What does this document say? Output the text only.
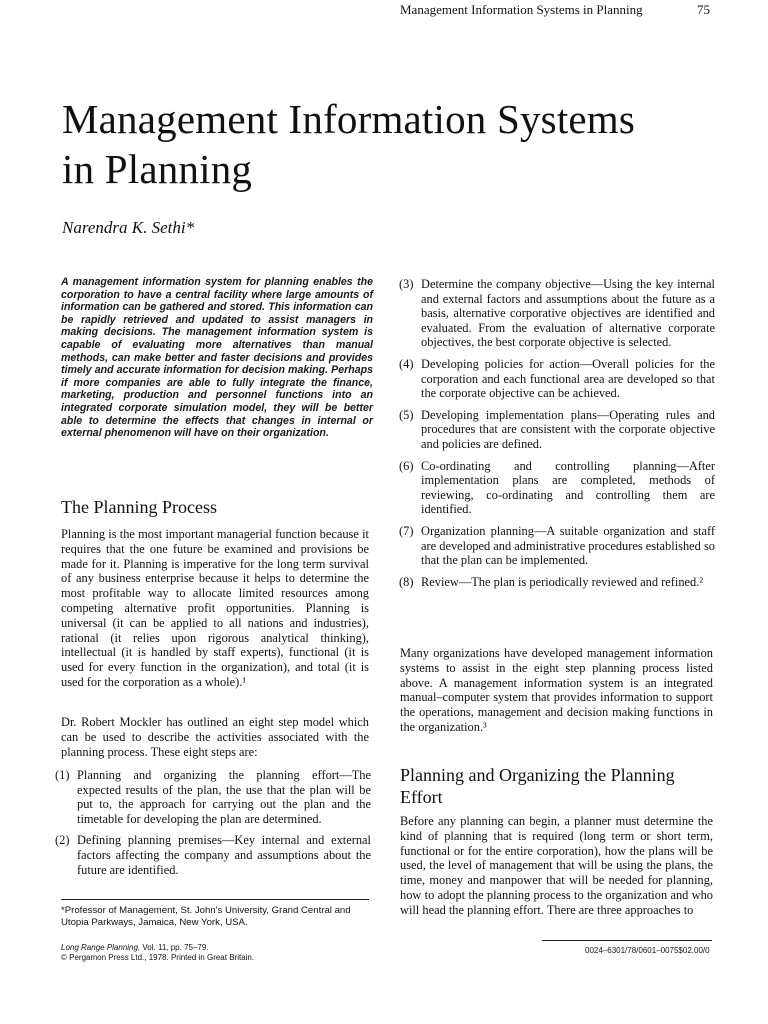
Management Information Systems in Planning	75
Management Information Systems
in Planning
Narendra K. Sethi*

A management information system for planning enables the corporation to have a central facility where large amounts of information can be gathered and stored. This information can be rapidly retrieved and updated to assist managers in making decisions. The management information system is capable of evaluating more alternatives than manual methods, can make better and faster decisions and provides timely and accurate information for decision making. Perhaps if more companies are able to fully integrate the finance, marketing, production and personnel functions into an integrated corporate simulation model, they will be better able to determine the effects that changes in internal or external phenomenon will have on their organization.

The Planning Process

Planning is the most important managerial function because it requires that the one future be examined and provisions be made for it. Planning is imperative for the long term survival of any business enterprise because it helps to determine the most profitable way to allocate limited resources among competing alternative profit opportunities. Planning is universal (it can be applied to all nations and industries), rational (it relies upon rigorous analytical thinking), intellectual (it is handled by staff experts), functional (it is used for every function in the organization), and total (it is used for the corporation as a whole).¹

Dr. Robert Mockler has outlined an eight step model which can be used to describe the activities associated with the planning process. These eight steps are:

(1) Planning and organizing the planning effort—The expected results of the plan, the use that the plan will be put to, the approach for carrying out the plan and the timetable for developing the plan are determined.
(2) Defining planning premises—Key internal and external factors affecting the company and assumptions about the future are identified.
(3) Determine the company objective—Using the key internal and external factors and assumptions about the future as a basis, alternative corporative objectives are identified and evaluated. From the evaluation of alternative corporate objectives, the best corporate objective is selected.
(4) Developing policies for action—Overall policies for the corporation and each functional area are developed so that the corporate objective can be achieved.
(5) Developing implementation plans—Operating rules and procedures that are consistent with the corporate objective and policies are defined.
(6) Co-ordinating and controlling planning—After implementation plans are completed, methods of reviewing, co-ordinating and controlling them are identified.
(7) Organization planning—A suitable organization and staff are developed and administrative procedures established so that the plan can be implemented.
(8) Review—The plan is periodically reviewed and refined.²

Many organizations have developed management information systems to assist in the eight step planning process listed above. A management information system is an integrated manual–computer system that provides information to support the operations, management and decision making functions in the organization.³

Planning and Organizing the Planning Effort

Before any planning can begin, a planner must determine the kind of planning that is required (long term or short term, functional or for the entire corporation), how the plans will be used, the level of management that will be using the plans, the time, money and manpower that will be needed for planning, how to adopt the planning process to the organization and who will head the planning effort. There are three approaches to

*Professor of Management, St. John's University, Grand Central and Utopia Parkways, Jamaica, New York, USA.

Long Range Planning, Vol. 11, pp. 75–79.
© Pergamon Press Ltd., 1978. Printed in Great Britain.

0024–6301/78/0601–0075$02.00/0
